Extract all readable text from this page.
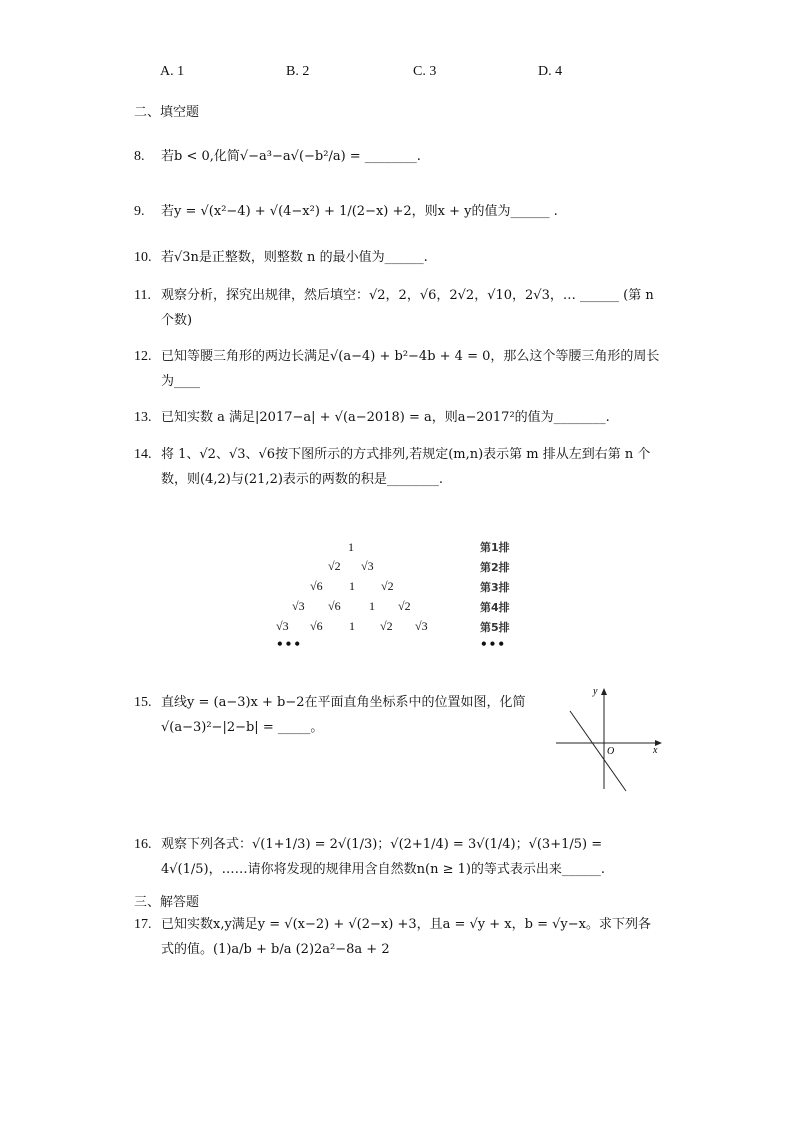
A. 1	B. 2	C. 3	D. 4
二、填空题
8. 若b < 0,化简√−a³−a√(−b²/a) = ________.
9. 若y = √(x²−4) + √(4−x²) + 1/(2−x) +2，则x + y的值为______ .
10. 若√3n是正整数，则整数 n 的最小值为______.
11. 观察分析，探究出规律，然后填空：√2，2，√6，2√2，√10，2√3，… ______ (第 n 个数)
12. 已知等腰三角形的两边长满足√(a−4) + b²−4b + 4 = 0，那么这个等腰三角形的周长为____
13. 已知实数 a 满足|2017−a| + √(a−2018) = a，则a−2017²的值为________.
14. 将 1、√2、√3、√6按下图所示的方式排列,若规定(m,n)表示第 m 排从左到右第 n 个数，则(4,2)与(21,2)表示的两数的积是________.
1
√2 √3
√6 1 √2
√3 √6 1 √2
√3 √6 1 √2 √3
•••
第1排
第2排
第3排
第4排
第5排
•••
15. 直线y = (a−3)x + b−2在平面直角坐标系中的位置如图，化简√(a−3)²−|2−b| = _____。
y
x
O
16. 观察下列各式：√(1+1/3) = 2√(1/3)；√(2+1/4) = 3√(1/4)；√(3+1/5) = 4√(1/5)，……请你将发现的规律用含自然数n(n ≥ 1)的等式表示出来______.
三、解答题
17. 已知实数x,y满足y = √(x−2) + √(2−x) +3，且a = √y + x，b = √y−x。求下列各式的值。(1)a/b + b/a (2)2a²−8a + 2
